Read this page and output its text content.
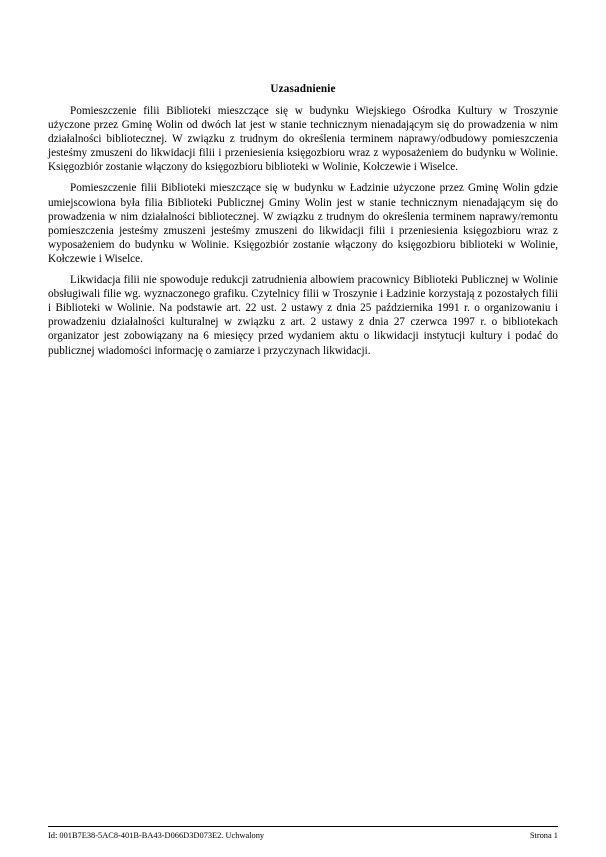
Uzasadnienie

Pomieszczenie filii Biblioteki mieszczące się w budynku Wiejskiego Ośrodka Kultury w Troszynie użyczone przez Gminę Wolin od dwóch lat jest w stanie technicznym nienadającym się do prowadzenia w nim działalności bibliotecznej. W związku z trudnym do określenia terminem naprawy/odbudowy pomieszczenia jesteśmy zmuszeni do likwidacji filii i przeniesienia księgozbioru wraz z wyposażeniem do budynku w Wolinie. Księgozbiór zostanie włączony do księgozbioru biblioteki w Wolinie, Kołczewie i Wiselce.

Pomieszczenie filii Biblioteki mieszczące się w budynku w Ładzinie użyczone przez Gminę Wolin gdzie umiejscowiona była filia Biblioteki Publicznej Gminy Wolin jest w stanie technicznym nienadającym się do prowadzenia w nim działalności bibliotecznej. W związku z trudnym do określenia terminem naprawy/remontu pomieszczenia jesteśmy zmuszeni jesteśmy zmuszeni do likwidacji filii i przeniesienia księgozbioru wraz z wyposażeniem do budynku w Wolinie. Księgozbiór zostanie włączony do księgozbioru biblioteki w Wolinie, Kołczewie i Wiselce.

Likwidacja filii nie spowoduje redukcji zatrudnienia albowiem pracownicy Biblioteki Publicznej w Wolinie obsługiwali filie wg. wyznaczonego grafiku. Czytelnicy filii w Troszynie i Ładzinie korzystają z pozostałych filii i Biblioteki w Wolinie. Na podstawie art. 22 ust. 2 ustawy z dnia 25 października 1991 r. o organizowaniu i prowadzeniu działalności kulturalnej w związku z art. 2 ustawy z dnia 27 czerwca 1997 r. o bibliotekach organizator jest zobowiązany na 6 miesięcy przed wydaniem aktu o likwidacji instytucji kultury i podać do publicznej wiadomości informację o zamiarze i przyczynach likwidacji.

Id: 001B7E38-5AC8-401B-BA43-D066D3D073E2. Uchwalony	Strona 1
